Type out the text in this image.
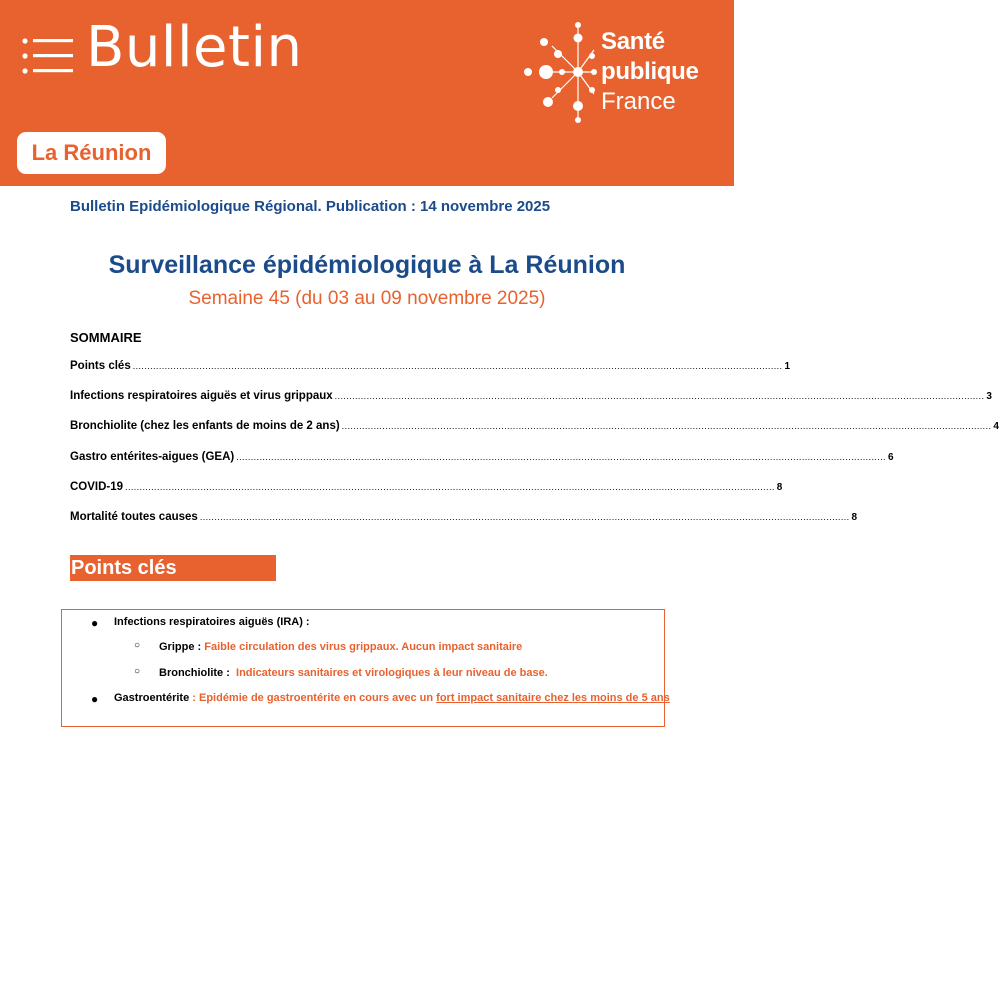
Bulletin	Santé
publique
France
La Réunion
Bulletin Epidémiologique Régional. Publication : 14 novembre 2025
Surveillance épidémiologique à La Réunion
Semaine 45 (du 03 au 09 novembre 2025)
SOMMAIRE
Points clés ................................................................................................................................................................................................................................ 1
Infections respiratoires aiguës et virus grippaux ................................................................................................................................................................................................................................ 3
Bronchiolite (chez les enfants de moins de 2 ans) ................................................................................................................................................................................................................................ 4
Gastro entérites-aigues (GEA) ................................................................................................................................................................................................................................ 6
COVID-19 ................................................................................................................................................................................................................................ 8
Mortalité toutes causes ................................................................................................................................................................................................................................ 8
Points clés
● Infections respiratoires aiguës (IRA) :
○ Grippe : Faible circulation des virus grippaux. Aucun impact sanitaire
○ Bronchiolite :  Indicateurs sanitaires et virologiques à leur niveau de base.
● Gastroentérite : Epidémie de gastroentérite en cours avec un fort impact sanitaire chez les moins de 5 ans
